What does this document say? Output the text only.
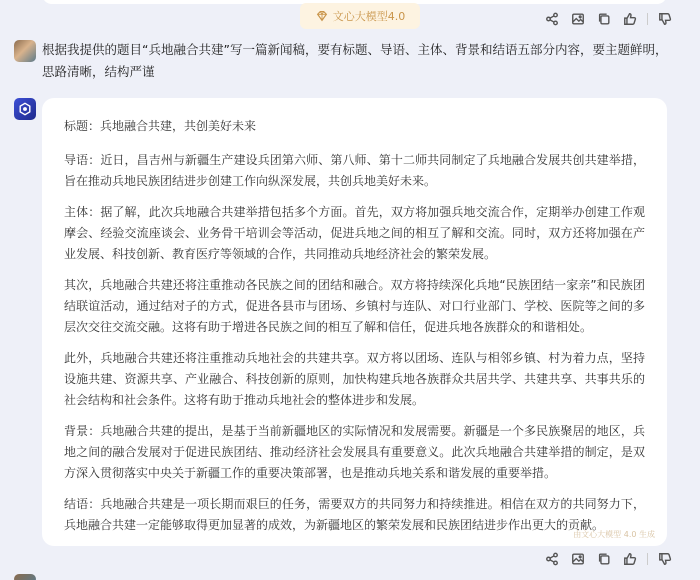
文心大模型4.0
根据我提供的题目“兵地融合共建”写一篇新闻稿，要有标题、导语、主体、背景和结语五部分内容，要主题鲜明，思路清晰，结构严谨

标题：兵地融合共建，共创美好未来

导语：近日，昌吉州与新疆生产建设兵团第六师、第八师、第十二师共同制定了兵地融合发展共创共建举措，旨在推动兵地民族团结进步创建工作向纵深发展，共创兵地美好未来。

主体：据了解，此次兵地融合共建举措包括多个方面。首先，双方将加强兵地交流合作，定期举办创建工作观摩会、经验交流座谈会、业务骨干培训会等活动，促进兵地之间的相互了解和交流。同时，双方还将加强在产业发展、科技创新、教育医疗等领域的合作，共同推动兵地经济社会的繁荣发展。

其次，兵地融合共建还将注重推动各民族之间的团结和融合。双方将持续深化兵地“民族团结一家亲”和民族团结联谊活动，通过结对子的方式，促进各县市与团场、乡镇村与连队、对口行业部门、学校、医院等之间的多层次交往交流交融。这将有助于增进各民族之间的相互了解和信任，促进兵地各族群众的和谐相处。

此外，兵地融合共建还将注重推动兵地社会的共建共享。双方将以团场、连队与相邻乡镇、村为着力点，坚持设施共建、资源共享、产业融合、科技创新的原则，加快构建兵地各族群众共居共学、共建共享、共事共乐的社会结构和社会条件。这将有助于推动兵地社会的整体进步和发展。

背景：兵地融合共建的提出，是基于当前新疆地区的实际情况和发展需要。新疆是一个多民族聚居的地区，兵地之间的融合发展对于促进民族团结、推动经济社会发展具有重要意义。此次兵地融合共建举措的制定，是双方深入贯彻落实中央关于新疆工作的重要决策部署，也是推动兵地关系和谐发展的重要举措。

结语：兵地融合共建是一项长期而艰巨的任务，需要双方的共同努力和持续推进。相信在双方的共同努力下，兵地融合共建一定能够取得更加显著的成效，为新疆地区的繁荣发展和民族团结进步作出更大的贡献。

由文心大模型 4.0 生成
